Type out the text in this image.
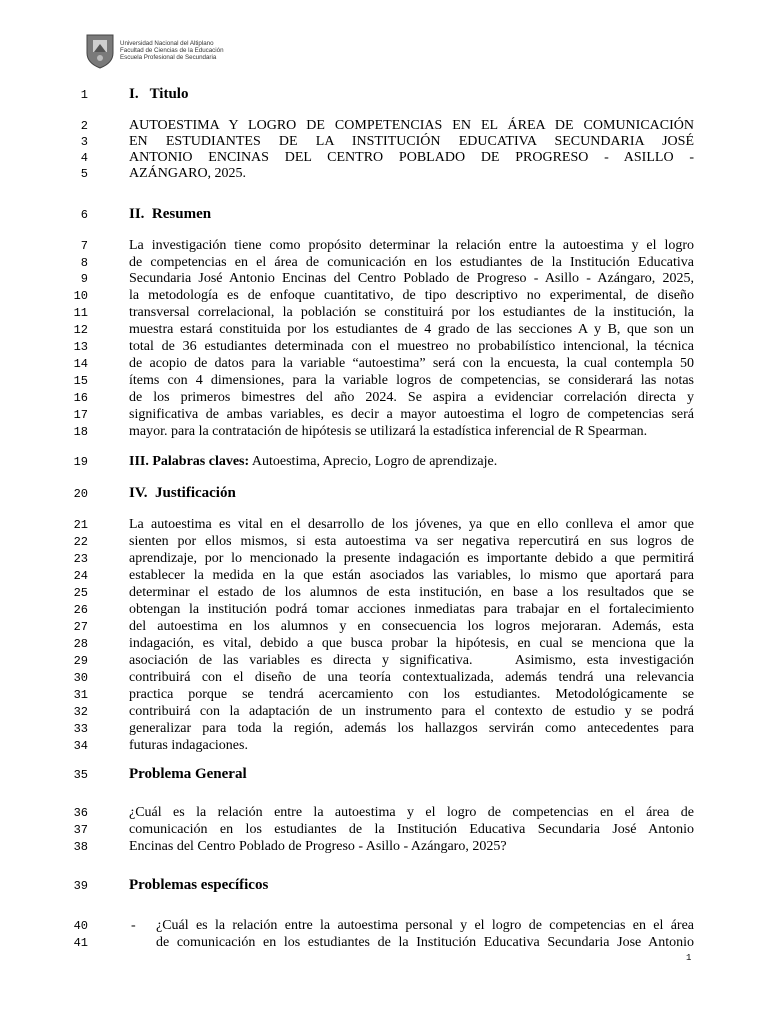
Universidad Nacional del Altiplano
Facultad de Ciencias de la Educación
Escuela Profesional de Secundaria
1
2
3
4
5
6
7
8
9
10
11
12
13
14
15
16
17
18
19
20
21
22
23
24
25
26
27
28
29
30
31
32
33
34
35
36
37
38
39
40
41
I.   Titulo
AUTOESTIMA Y LOGRO DE COMPETENCIAS EN EL ÁREA DE COMUNICACIÓN
EN ESTUDIANTES DE LA INSTITUCIÓN EDUCATIVA SECUNDARIA JOSÉ
ANTONIO ENCINAS DEL CENTRO POBLADO DE PROGRESO - ASILLO -
AZÁNGARO, 2025.
II.  Resumen
La investigación tiene como propósito determinar la relación entre la autoestima y el logro
de competencias en el área de comunicación en los estudiantes de la Institución Educativa
Secundaria José Antonio Encinas del Centro Poblado de Progreso - Asillo - Azángaro, 2025,
la metodología es de enfoque cuantitativo, de tipo descriptivo no experimental, de diseño
transversal correlacional, la población se constituirá por los estudiantes de la institución, la
muestra estará constituida por los estudiantes de 4 grado de las secciones A y B, que son un
total de 36 estudiantes determinada con el muestreo no probabilístico intencional, la técnica
de acopio de datos para la variable “autoestima” será con la encuesta, la cual contempla 50
ítems con 4 dimensiones, para la variable logros de competencias, se considerará las notas
de los primeros bimestres del año 2024. Se aspira a evidenciar correlación directa y
significativa de ambas variables, es decir a mayor autoestima el logro de competencias será
mayor. para la contratación de hipótesis se utilizará la estadística inferencial de R Spearman.
III. Palabras claves: Autoestima, Aprecio, Logro de aprendizaje.
IV.  Justificación
La autoestima es vital en el desarrollo de los jóvenes, ya que en ello conlleva el amor que
sienten por ellos mismos, si esta autoestima va ser negativa repercutirá en sus logros de
aprendizaje, por lo mencionado la presente indagación es importante debido a que permitirá
establecer la medida en la que están asociados las variables, lo mismo que aportará para
determinar el estado de los alumnos de esta institución, en base a los resultados que se
obtengan la institución podrá tomar acciones inmediatas para trabajar en el fortalecimiento
del autoestima en los alumnos y en consecuencia los logros mejoraran. Además, esta
indagación, es vital, debido a que busca probar la hipótesis, en cual se menciona que la
asociación de las variables es directa y significativa.    Asimismo, esta investigación
contribuirá con el diseño de una teoría contextualizada, además tendrá una relevancia
practica porque se tendrá acercamiento con los estudiantes. Metodológicamente se
contribuirá con la adaptación de un instrumento para el contexto de estudio y se podrá
generalizar para toda la región, además los hallazgos servirán como antecedentes para
futuras indagaciones.
Problema General
¿Cuál es la relación entre la autoestima y el logro de competencias en el área de
comunicación en los estudiantes de la Institución Educativa Secundaria José Antonio
Encinas del Centro Poblado de Progreso - Asillo - Azángaro, 2025?
Problemas específicos
- ¿Cuál es la relación entre la autoestima personal y el logro de competencias en el área
de comunicación en los estudiantes de la Institución Educativa Secundaria Jose Antonio
1
